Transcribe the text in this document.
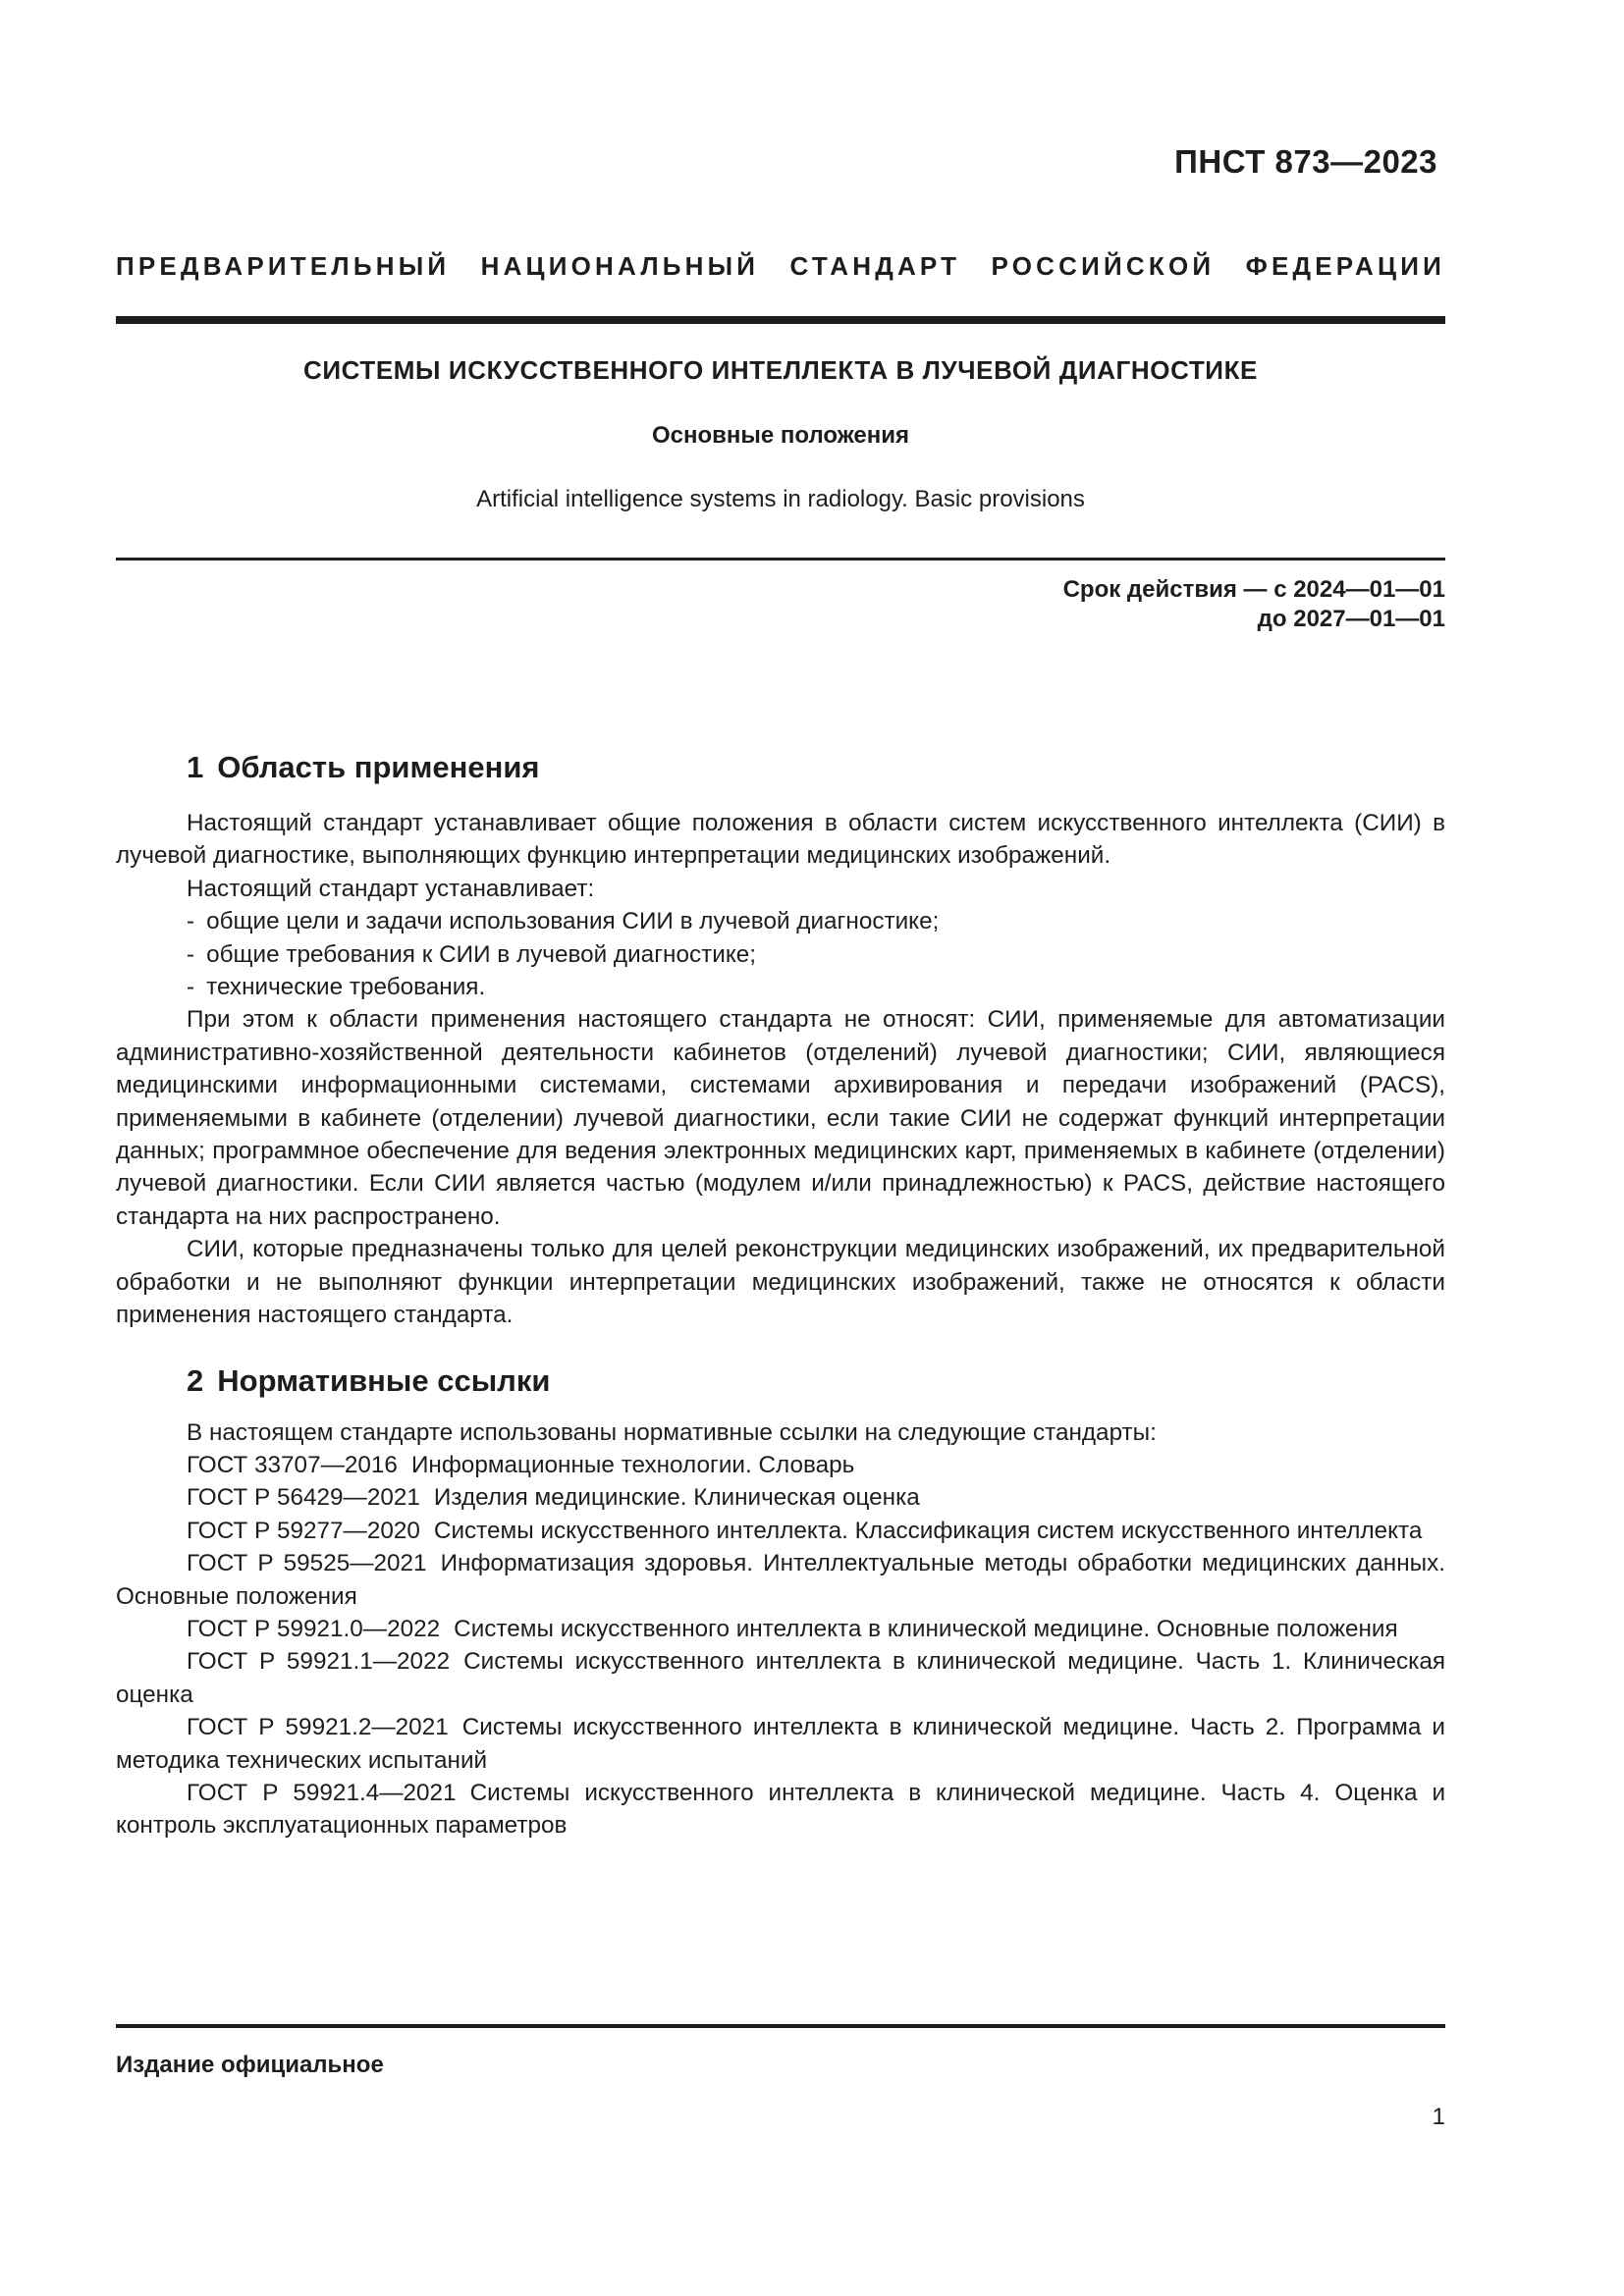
ПНСТ 873—2023
ПРЕДВАРИТЕЛЬНЫЙ НАЦИОНАЛЬНЫЙ СТАНДАРТ РОССИЙСКОЙ ФЕДЕРАЦИИ
СИСТЕМЫ ИСКУССТВЕННОГО ИНТЕЛЛЕКТА В ЛУЧЕВОЙ ДИАГНОСТИКЕ
Основные положения
Artificial intelligence systems in radiology. Basic provisions
Срок действия — с 2024—01—01
до 2027—01—01
1 Область применения

Настоящий стандарт устанавливает общие положения в области систем искусственного интеллекта (СИИ) в лучевой диагностике, выполняющих функцию интерпретации медицинских изображений.

Настоящий стандарт устанавливает:

- общие цели и задачи использования СИИ в лучевой диагностике;

- общие требования к СИИ в лучевой диагностике;

- технические требования.

При этом к области применения настоящего стандарта не относят: СИИ, применяемые для автоматизации административно-хозяйственной деятельности кабинетов (отделений) лучевой диагностики; СИИ, являющиеся медицинскими информационными системами, системами архивирования и передачи изображений (PACS), применяемыми в кабинете (отделении) лучевой диагностики, если такие СИИ не содержат функций интерпретации данных; программное обеспечение для ведения электронных медицинских карт, применяемых в кабинете (отделении) лучевой диагностики. Если СИИ является частью (модулем и/или принадлежностью) к PACS, действие настоящего стандарта на них распространено.

СИИ, которые предназначены только для целей реконструкции медицинских изображений, их предварительной обработки и не выполняют функции интерпретации медицинских изображений, также не относятся к области применения настоящего стандарта.

2 Нормативные ссылки

В настоящем стандарте использованы нормативные ссылки на следующие стандарты:

ГОСТ 33707—2016 Информационные технологии. Словарь

ГОСТ Р 56429—2021 Изделия медицинские. Клиническая оценка

ГОСТ Р 59277—2020 Системы искусственного интеллекта. Классификация систем искусственного интеллекта

ГОСТ Р 59525—2021 Информатизация здоровья. Интеллектуальные методы обработки медицинских данных. Основные положения

ГОСТ Р 59921.0—2022 Системы искусственного интеллекта в клинической медицине. Основные положения

ГОСТ Р 59921.1—2022 Системы искусственного интеллекта в клинической медицине. Часть 1. Клиническая оценка

ГОСТ Р 59921.2—2021 Системы искусственного интеллекта в клинической медицине. Часть 2. Программа и методика технических испытаний

ГОСТ Р 59921.4—2021 Системы искусственного интеллекта в клинической медицине. Часть 4. Оценка и контроль эксплуатационных параметров

Издание официальное
1
